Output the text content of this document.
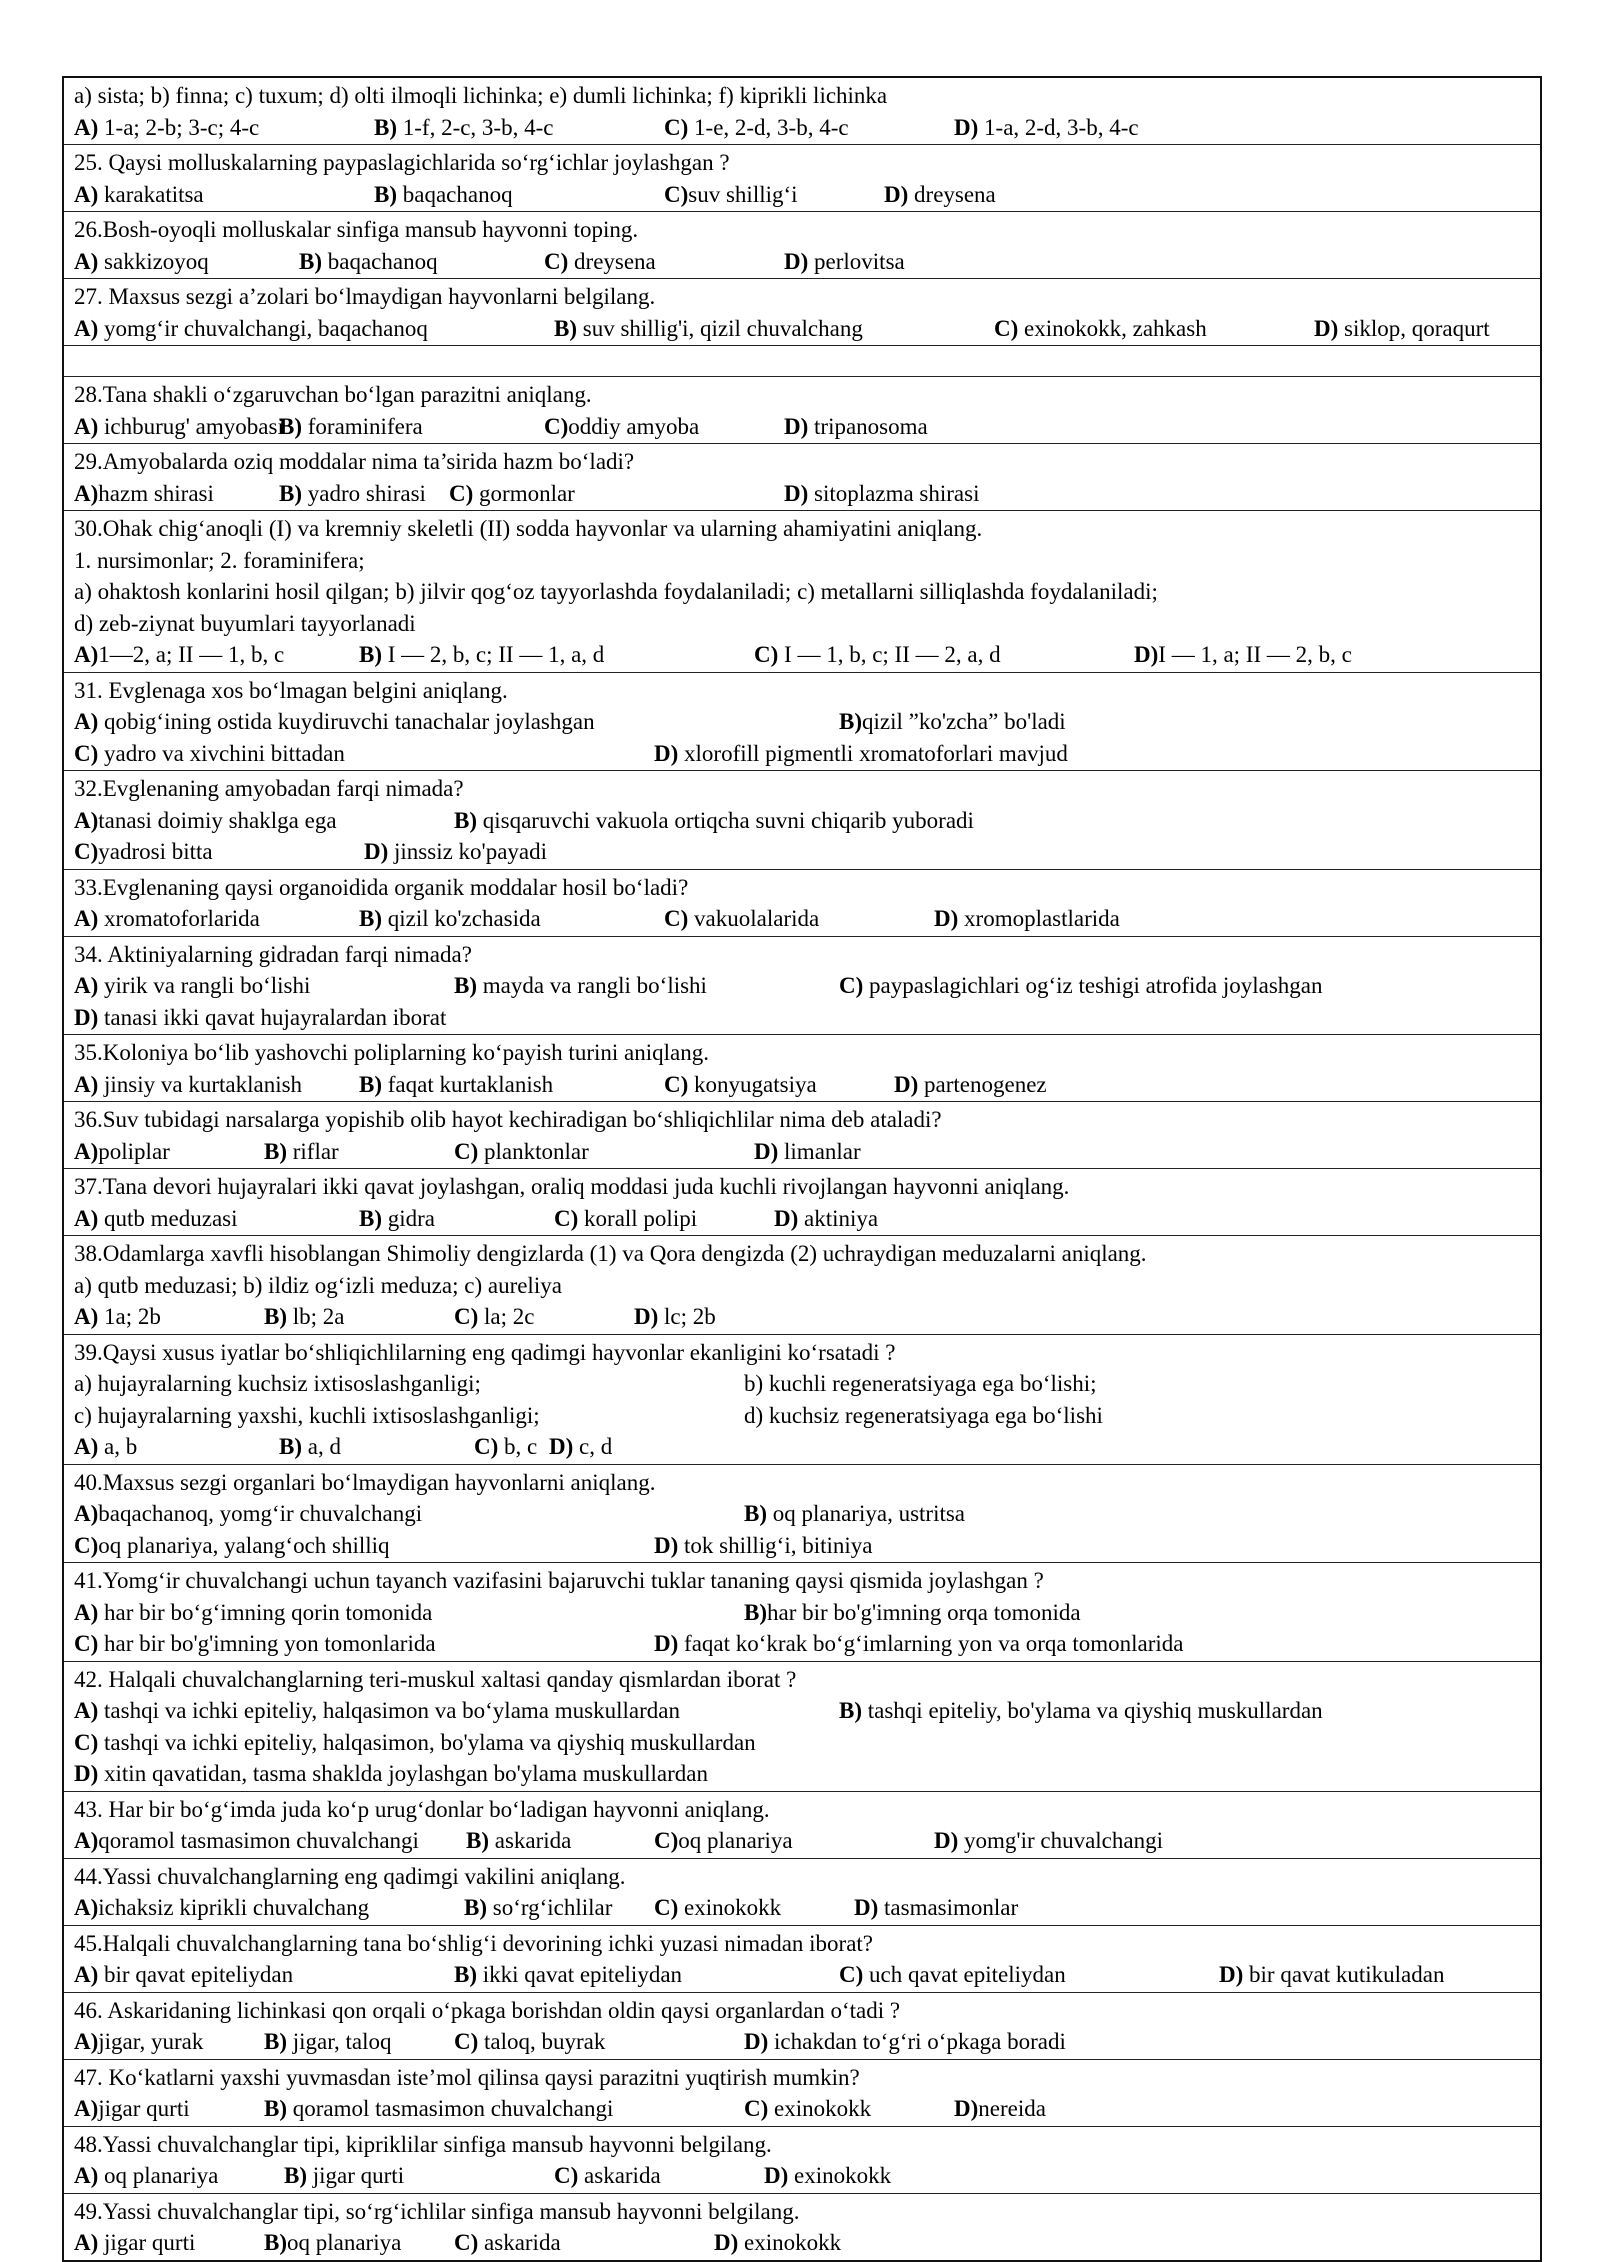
a) sista; b) finna; c) tuxum; d) olti ilmoqli lichinka; e) dumli lichinka; f) kiprikli lichinka
A) 1-a; 2-b; 3-c; 4-c	B) 1-f, 2-c, 3-b, 4-c	C) 1-e, 2-d, 3-b, 4-c	D) 1-a, 2-d, 3-b, 4-c
25. Qaysi molluskalarning paypaslagichlarida so‘rg‘ichlar joylashgan ?
A) karakatitsa	B) baqachanoq	C)suv shillig‘i	D) dreysena
26.Bosh-oyoqli molluskalar sinfiga mansub hayvonni toping.
A) sakkizoyoq	B) baqachanoq	C) dreysena	D) perlovitsa
27. Maxsus sezgi a’zolari bo‘lmaydigan hayvonlarni belgilang.
A) yomg‘ir chuvalchangi, baqachanoq	B) suv shillig'i, qizil chuvalchang	C) exinokokk, zahkash	D) siklop, qoraqurt
28.Tana shakli o‘zgaruvchan bo‘lgan parazitni aniqlang.
A) ichburug' amyobasi
B) foraminifera	C)oddiy amyoba	D) tripanosoma
29.Amyobalarda oziq moddalar nima ta’sirida hazm bo‘ladi?
A)hazm shirasi	B) yadro shirasi C) gormonlar	D) sitoplazma shirasi
30.Ohak chig‘anoqli (I) va kremniy skeletli (II) sodda hayvonlar va ularning ahamiyatini aniqlang.
1. nursimonlar; 2. foraminifera;
a) ohaktosh konlarini hosil qilgan; b) jilvir qog‘oz tayyorlashda foydalaniladi; c) metallarni silliqlashda foydalaniladi;
d) zeb-ziynat buyumlari tayyorlanadi
A)1—2, a; II — 1, b, c	B) I — 2, b, c; II — 1, a, d	C) I — 1, b, c; II — 2, a, d	D)I — 1, a; II — 2, b, c
31. Evglenaga xos bo‘lmagan belgini aniqlang.
A) qobig‘ining ostida kuydiruvchi tanachalar joylashgan	B)qizil ”ko'zcha” bo'ladi
C) yadro va xivchini bittadan	D) xlorofill pigmentli xromatoforlari mavjud
32.Evglenaning amyobadan farqi nimada?
A)tanasi doimiy shaklga ega	B) qisqaruvchi vakuola ortiqcha suvni chiqarib yuboradi
C)yadrosi bitta	D) jinssiz ko'payadi
33.Evglenaning qaysi organoidida organik moddalar hosil bo‘ladi?
A) xromatoforlarida	B) qizil ko'zchasida	C) vakuolalarida	D) xromoplastlarida
34. Aktiniyalarning gidradan farqi nimada?
A) yirik va rangli bo‘lishi	B) mayda va rangli bo‘lishi	C) paypaslagichlari og‘iz teshigi atrofida joylashgan
D) tanasi ikki qavat hujayralardan iborat
35.Koloniya bo‘lib yashovchi poliplarning ko‘payish turini aniqlang.
A) jinsiy va kurtaklanish B) faqat kurtaklanish	C) konyugatsiya	D) partenogenez
36.Suv tubidagi narsalarga yopishib olib hayot kechiradigan bo‘shliqichlilar nima deb ataladi?
A)poliplar	B) riflar	C) planktonlar	D) limanlar
37.Tana devori hujayralari ikki qavat joylashgan, oraliq moddasi juda kuchli rivojlangan hayvonni aniqlang.
A) qutb meduzasi	B) gidra	C) korall polipi	D) aktiniya
38.Odamlarga xavfli hisoblangan Shimoliy dengizlarda (1) va Qora dengizda (2) uchraydigan meduzalarni aniqlang.
a) qutb meduzasi; b) ildiz og‘izli meduza; c) aureliya
A) 1a; 2b	B) lb; 2a	C) la; 2c	D) lc; 2b
39.Qaysi xusus iyatlar bo‘shliqichlilarning eng qadimgi hayvonlar ekanligini ko‘rsatadi ?
a) hujayralarning kuchsiz ixtisoslashganligi;	b) kuchli regeneratsiyaga ega bo‘lishi;
c) hujayralarning yaxshi, kuchli ixtisoslashganligi;	d) kuchsiz regeneratsiyaga ega bo‘lishi
A) a, b	B) a, d	C) b, c D) c, d
40.Maxsus sezgi organlari bo‘lmaydigan hayvonlarni aniqlang.
A)baqachanoq, yomg‘ir chuvalchangi	B) oq planariya, ustritsa
C)oq planariya, yalang‘och shilliq	D) tok shillig‘i, bitiniya
41.Yomg‘ir chuvalchangi uchun tayanch vazifasini bajaruvchi tuklar tananing qaysi qismida joylashgan ?
A) har bir bo‘g‘imning qorin tomonida	B)har bir bo'g'imning orqa tomonida
C) har bir bo'g'imning yon tomonlarida	D) faqat ko‘krak bo‘g‘imlarning yon va orqa tomonlarida
42. Halqali chuvalchanglarning teri-muskul xaltasi qanday qismlardan iborat ?
A) tashqi va ichki epiteliy, halqasimon va bo‘ylama muskullardan	B) tashqi epiteliy, bo'ylama va qiyshiq muskullardan
C) tashqi va ichki epiteliy, halqasimon, bo'ylama va qiyshiq muskullardan
D) xitin qavatidan, tasma shaklda joylashgan bo'ylama muskullardan
43. Har bir bo‘g‘imda juda ko‘p urug‘donlar bo‘ladigan hayvonni aniqlang.
A)qoramol tasmasimon chuvalchangi B) askarida	C)oq planariya	D) yomg'ir chuvalchangi
44.Yassi chuvalchanglarning eng qadimgi vakilini aniqlang.
A)ichaksiz kiprikli chuvalchang	B) so‘rg‘ichlilar C) exinokokk	D) tasmasimonlar
45.Halqali chuvalchanglarning tana bo‘shlig‘i devorining ichki yuzasi nimadan iborat?
A) bir qavat epiteliydan	B) ikki qavat epiteliydan	C) uch qavat epiteliydan	D) bir qavat kutikuladan
46. Askaridaning lichinkasi qon orqali o‘pkaga borishdan oldin qaysi organlardan o‘tadi ?
A)jigar, yurak	B) jigar, taloq	C) taloq, buyrak	D) ichakdan to‘g‘ri o‘pkaga boradi
47. Ko‘katlarni yaxshi yuvmasdan iste’mol qilinsa qaysi parazitni yuqtirish mumkin?
A)jigar qurti	B) qoramol tasmasimon chuvalchangi	C) exinokokk	D)nereida
48.Yassi chuvalchanglar tipi, kipriklilar sinfiga mansub hayvonni belgilang.
A) oq planariya	B) jigar qurti	C) askarida	D) exinokokk
49.Yassi chuvalchanglar tipi, so‘rg‘ichlilar sinfiga mansub hayvonni belgilang.
A) jigar qurti	B)oq planariya C) askarida	D) exinokokk
